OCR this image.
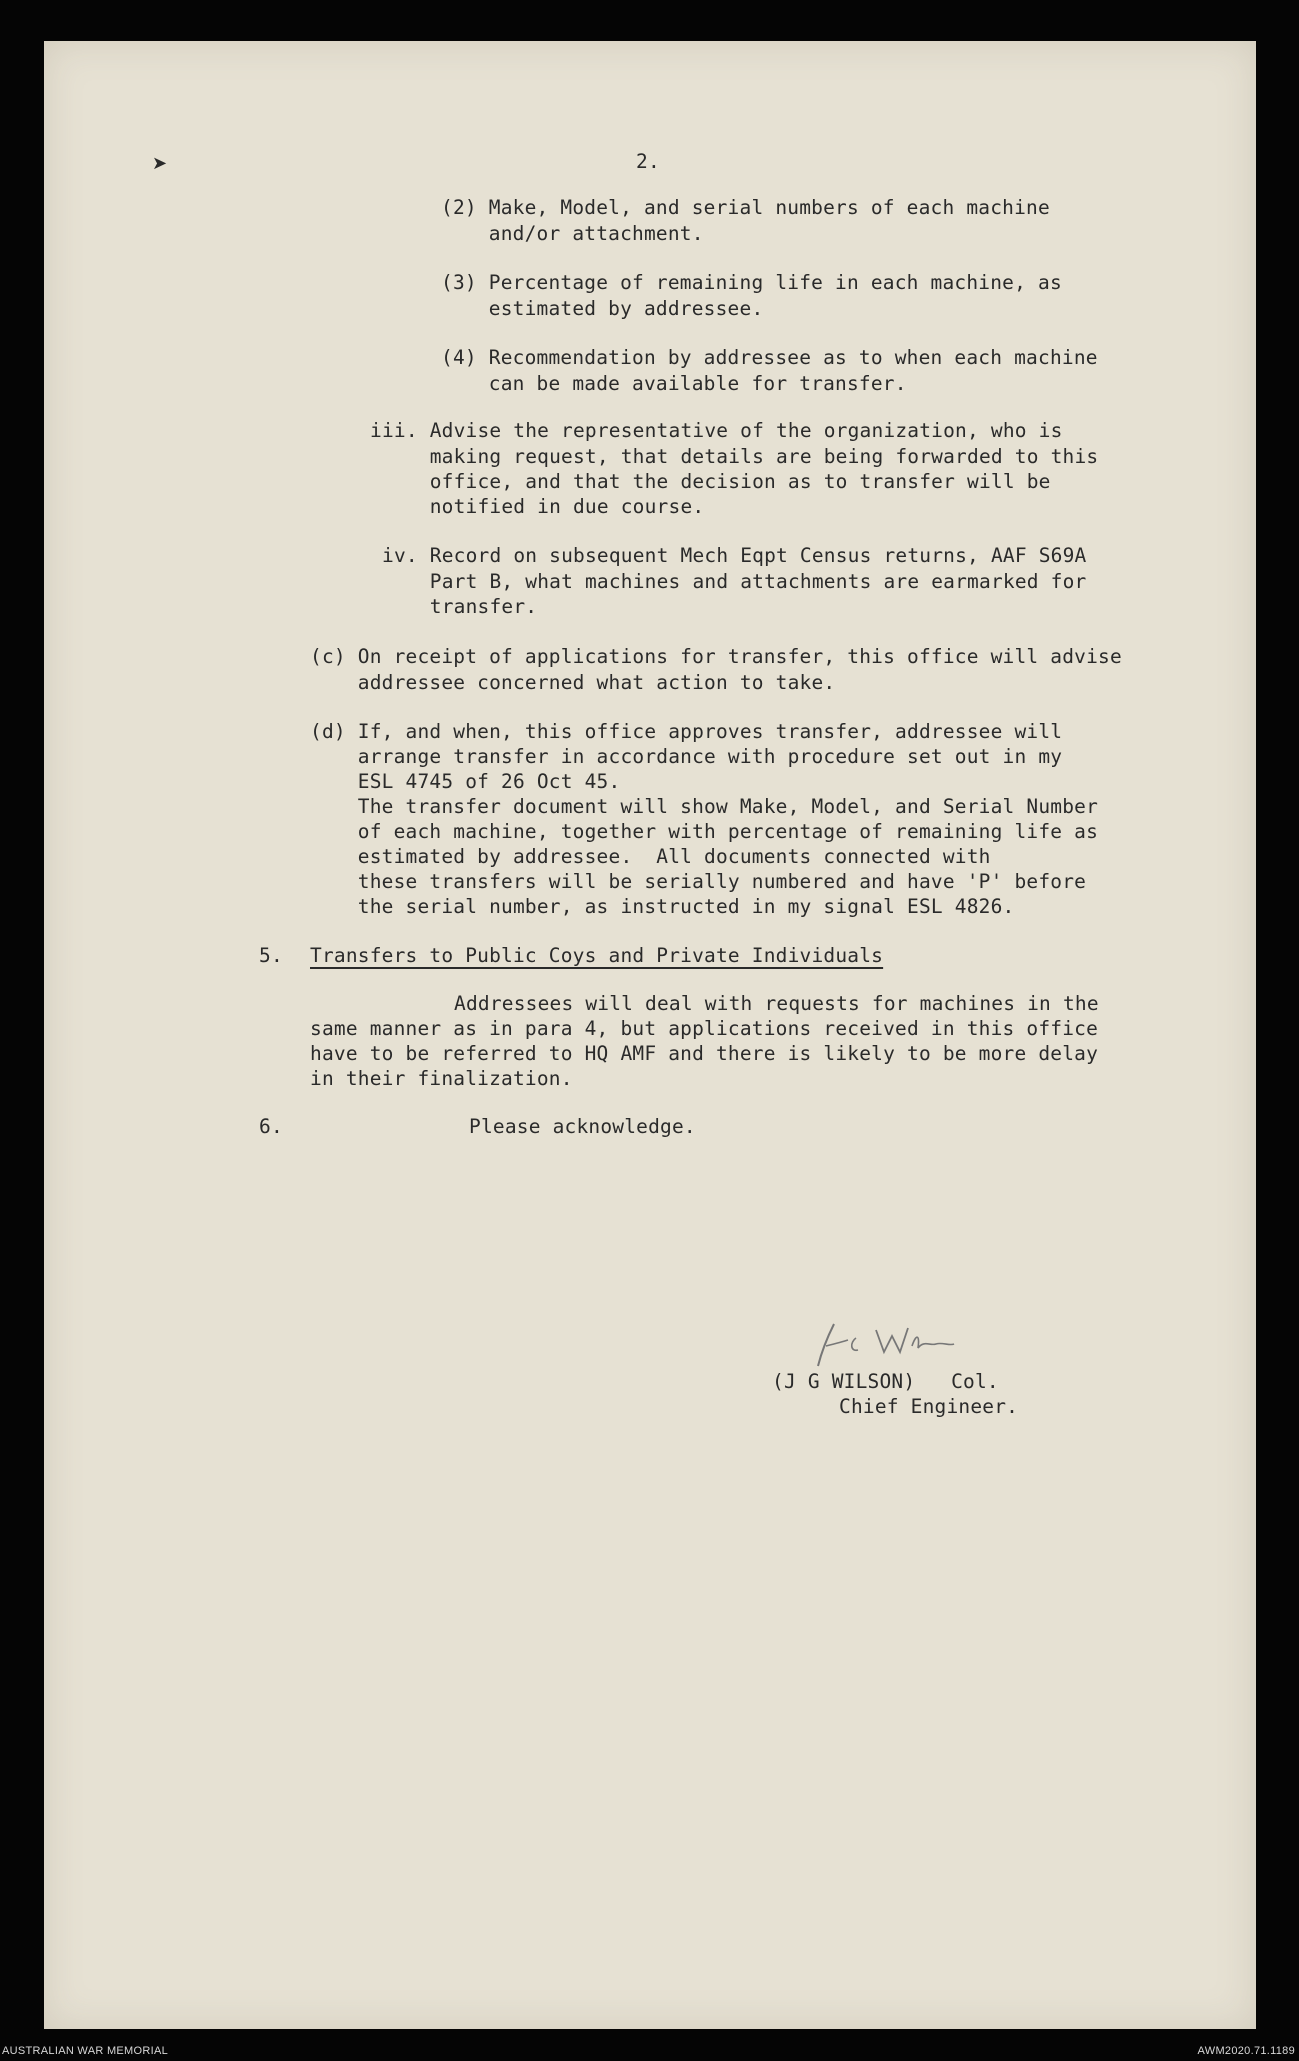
2.
(2) Make, Model, and serial numbers of each machine
and/or attachment.
(3) Percentage of remaining life in each machine, as
estimated by addressee.
(4) Recommendation by addressee as to when each machine
can be made available for transfer.
iii. Advise the representative of the organization, who is
making request, that details are being forwarded to this
office, and that the decision as to transfer will be
notified in due course.
iv. Record on subsequent Mech Eqpt Census returns, AAF S69A
Part B, what machines and attachments are earmarked for
transfer.
(c) On receipt of applications for transfer, this office will advise
addressee concerned what action to take.
(d) If, and when, this office approves transfer, addressee will
arrange transfer in accordance with procedure set out in my
ESL 4745 of 26 Oct 45.
The transfer document will show Make, Model, and Serial Number
of each machine, together with percentage of remaining life as
estimated by addressee.  All documents connected with
these transfers will be serially numbered and have 'P' before
the serial number, as instructed in my signal ESL 4826.
5. Transfers to Public Coys and Private Individuals
Addressees will deal with requests for machines in the
same manner as in para 4, but applications received in this office
have to be referred to HQ AMF and there is likely to be more delay
in their finalization.
6.	Please acknowledge.
(J G WILSON)   Col.
Chief Engineer.
➤
AUSTRALIAN WAR MEMORIAL	AWM2020.71.1189
